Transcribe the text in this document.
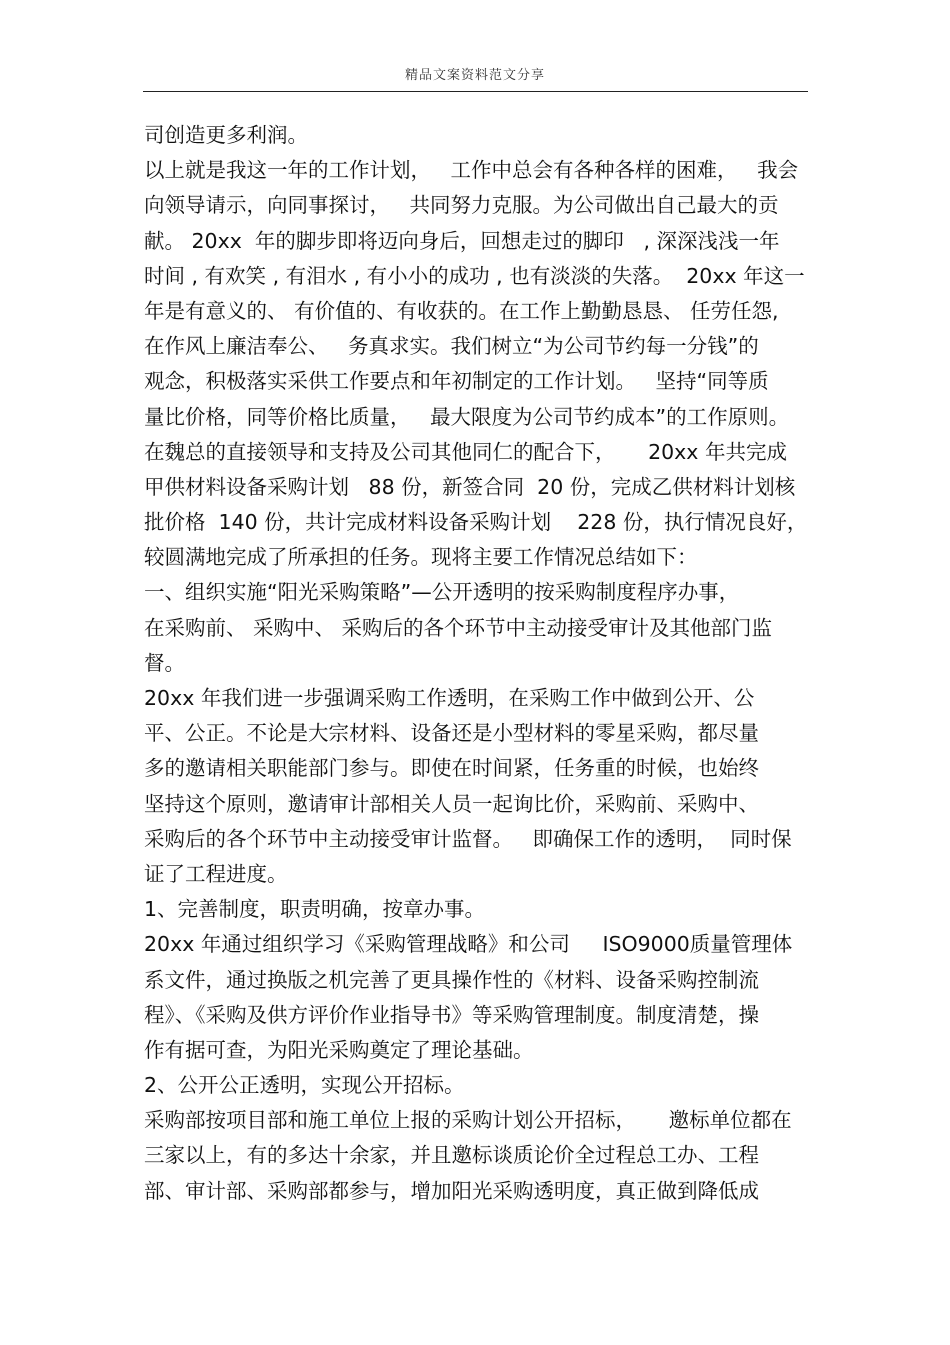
精品文案资料范文分享
司创造更多利润。
以上就是我这一年的工作计划，   工作中总会有各种各样的困难，   我会
向领导请示，向同事探讨，   共同努力克服。为公司做出自己最大的贡
献。 20xx  年的脚步即将迈向身后，回想走过的脚印   , 深深浅浅一年
时间 , 有欢笑 , 有泪水 , 有小小的成功 , 也有淡淡的失落。  20xx 年这一
年是有意义的、 有价值的、有收获的。在工作上勤勤恳恳、 任劳任怨,
在作风上廉洁奉公、   务真求实。我们树立“为公司节约每一分钱”的
观念，积极落实采供工作要点和年初制定的工作计划。   坚持“同等质
量比价格，同等价格比质量，   最大限度为公司节约成本”的工作原则。
在魏总的直接领导和支持及公司其他同仁的配合下，     20xx 年共完成
甲供材料设备采购计划   88 份，新签合同  20 份，完成乙供材料计划核
批价格  140 份，共计完成材料设备采购计划    228 份，执行情况良好，
较圆满地完成了所承担的任务。现将主要工作情况总结如下：
一、组织实施“阳光采购策略”—公开透明的按采购制度程序办事，
在采购前、 采购中、 采购后的各个环节中主动接受审计及其他部门监
督。
20xx 年我们进一步强调采购工作透明，在采购工作中做到公开、公
平、公正。不论是大宗材料、设备还是小型材料的零星采购，都尽量
多的邀请相关职能部门参与。即使在时间紧，任务重的时候，也始终
坚持这个原则，邀请审计部相关人员一起询比价，采购前、采购中、
采购后的各个环节中主动接受审计监督。   即确保工作的透明，  同时保
证了工程进度。
1、完善制度，职责明确，按章办事。
20xx 年通过组织学习《采购管理战略》和公司     ISO9000质量管理体
系文件，通过换版之机完善了更具操作性的《材料、设备采购控制流
程》、《采购及供方评价作业指导书》等采购管理制度。制度清楚，操
作有据可查，为阳光采购奠定了理论基础。
2、公开公正透明，实现公开招标。
采购部按项目部和施工单位上报的采购计划公开招标，     邀标单位都在
三家以上，有的多达十余家，并且邀标谈质论价全过程总工办、工程
部、审计部、采购部都参与，增加阳光采购透明度，真正做到降低成
